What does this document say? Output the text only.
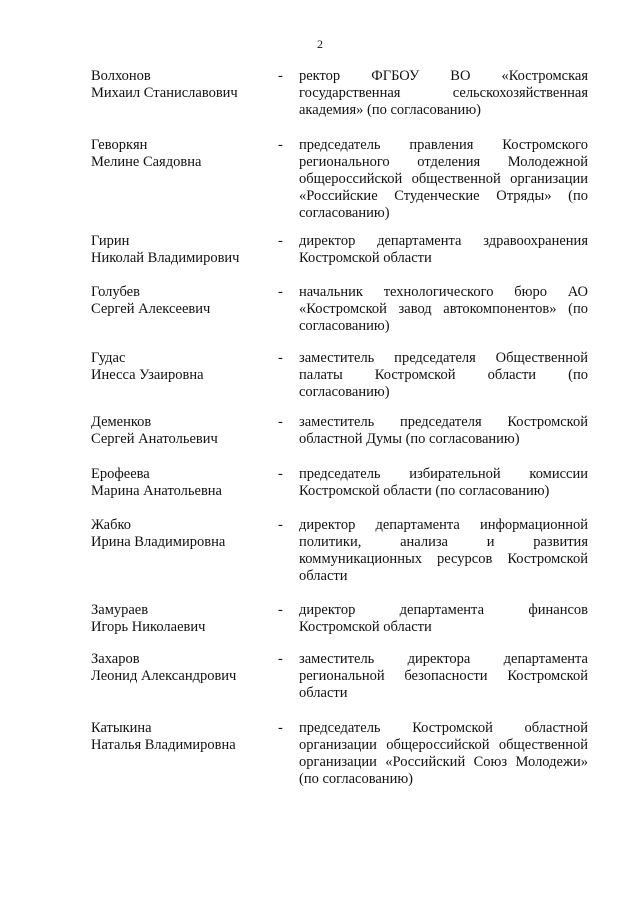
2
Волхонов
Михаил Станиславович
- ректор ФГБОУ ВО «Костромская государственная сельскохозяйственная академия» (по согласованию)
Геворкян
Мелине Саядовна
- председатель правления Костромского регионального отделения Молодежной общероссийской общественной организации «Российские Студенческие Отряды» (по согласованию)
Гирин
Николай Владимирович
- директор департамента здравоохранения Костромской области
Голубев
Сергей Алексеевич
- начальник технологического бюро АО «Костромской завод автокомпонентов» (по согласованию)
Гудас
Инесса Узаировна
- заместитель председателя Общественной палаты Костромской области (по согласованию)
Деменков
Сергей Анатольевич
- заместитель председателя Костромской областной Думы (по согласованию)
Ерофеева
Марина Анатольевна
- председатель избирательной комиссии Костромской области (по согласованию)
Жабко
Ирина Владимировна
- директор департамента информационной политики, анализа и развития коммуникационных ресурсов Костромской области
Замураев
Игорь Николаевич
- директор департамента финансов Костромской области
Захаров
Леонид Александрович
- заместитель директора департамента региональной безопасности Костромской области
Катыкина
Наталья Владимировна
- председатель Костромской областной организации общероссийской общественной организации «Российский Союз Молодежи» (по согласованию)
